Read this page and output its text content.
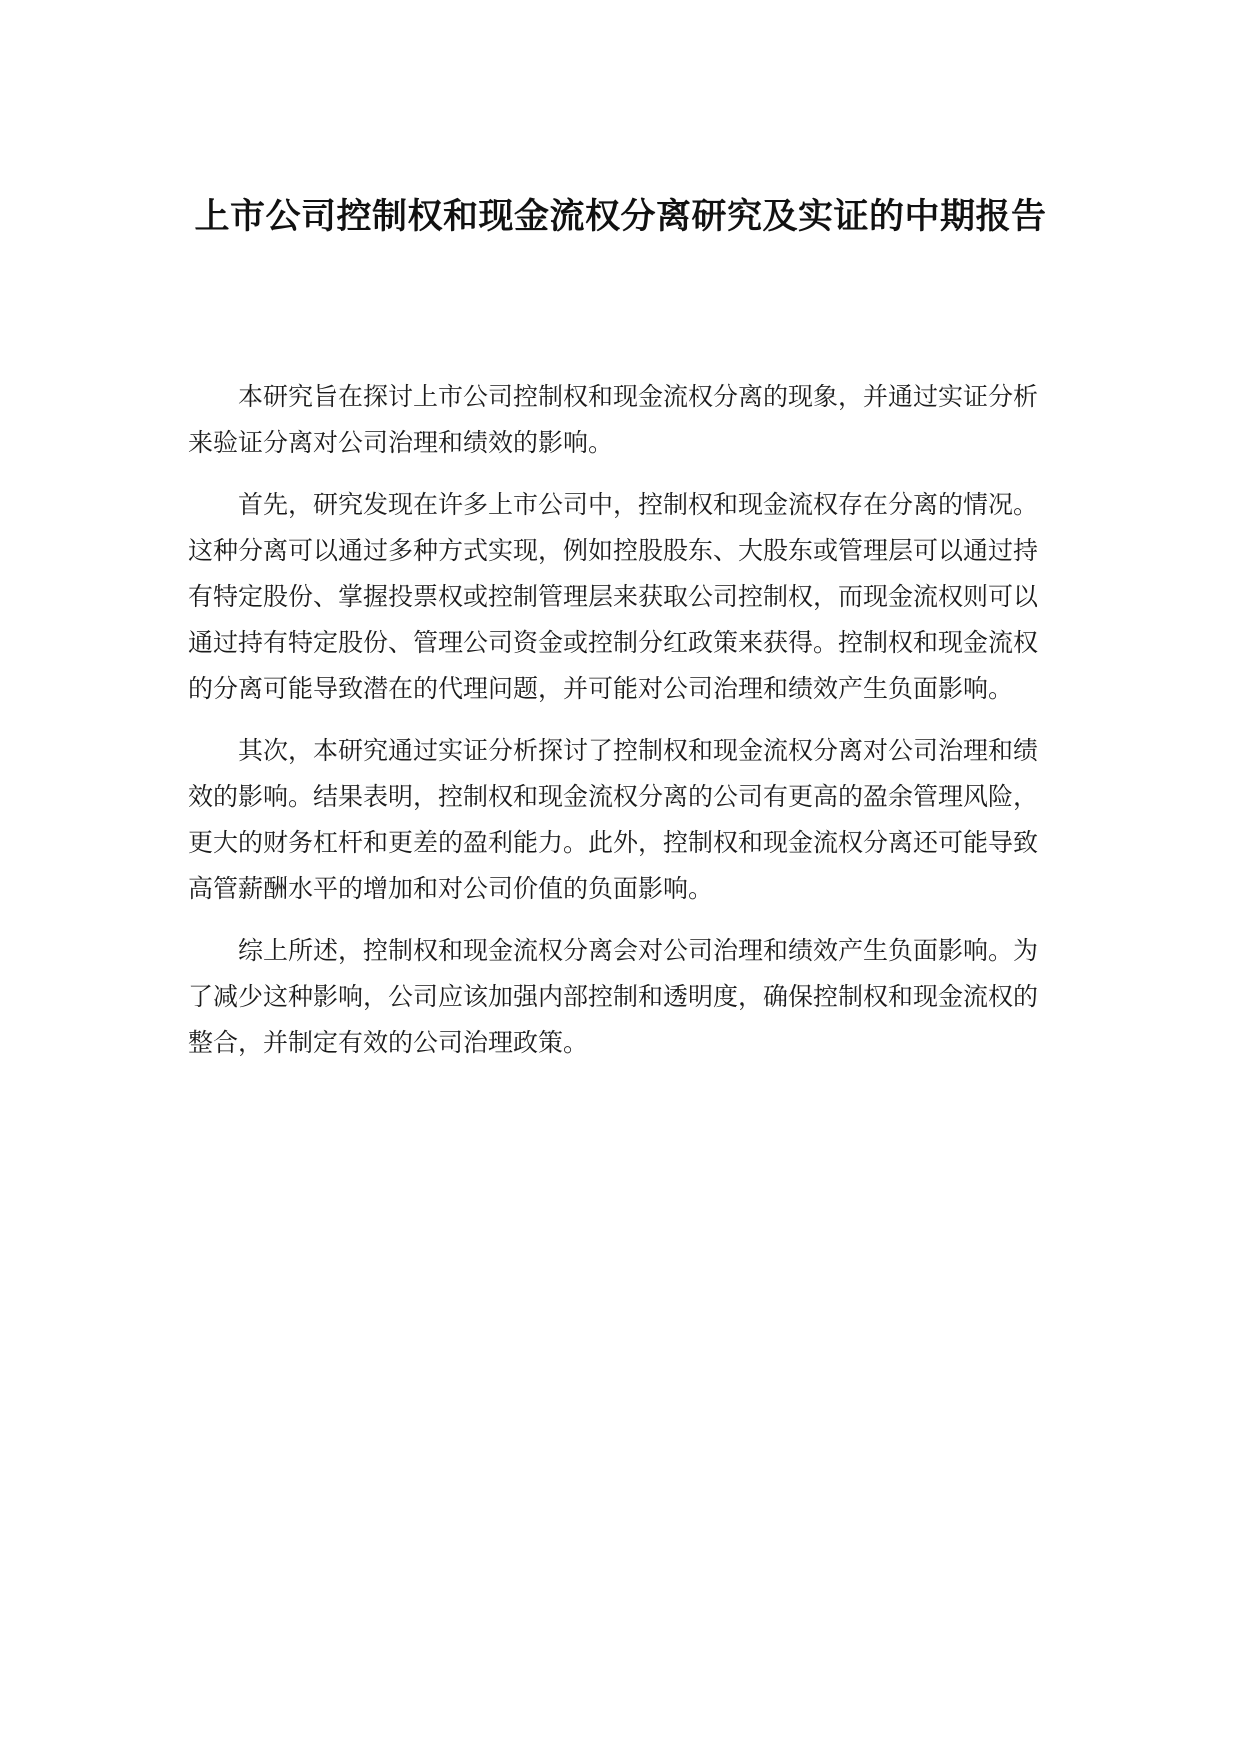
上市公司控制权和现金流权分离研究及实证的中期报告

本研究旨在探讨上市公司控制权和现金流权分离的现象，并通过实证分析来验证分离对公司治理和绩效的影响。

首先，研究发现在许多上市公司中，控制权和现金流权存在分离的情况。这种分离可以通过多种方式实现，例如控股股东、大股东或管理层可以通过持有特定股份、掌握投票权或控制管理层来获取公司控制权，而现金流权则可以通过持有特定股份、管理公司资金或控制分红政策来获得。控制权和现金流权的分离可能导致潜在的代理问题，并可能对公司治理和绩效产生负面影响。

其次，本研究通过实证分析探讨了控制权和现金流权分离对公司治理和绩效的影响。结果表明，控制权和现金流权分离的公司有更高的盈余管理风险，更大的财务杠杆和更差的盈利能力。此外，控制权和现金流权分离还可能导致高管薪酬水平的增加和对公司价值的负面影响。

综上所述，控制权和现金流权分离会对公司治理和绩效产生负面影响。为了减少这种影响，公司应该加强内部控制和透明度，确保控制权和现金流权的整合，并制定有效的公司治理政策。
